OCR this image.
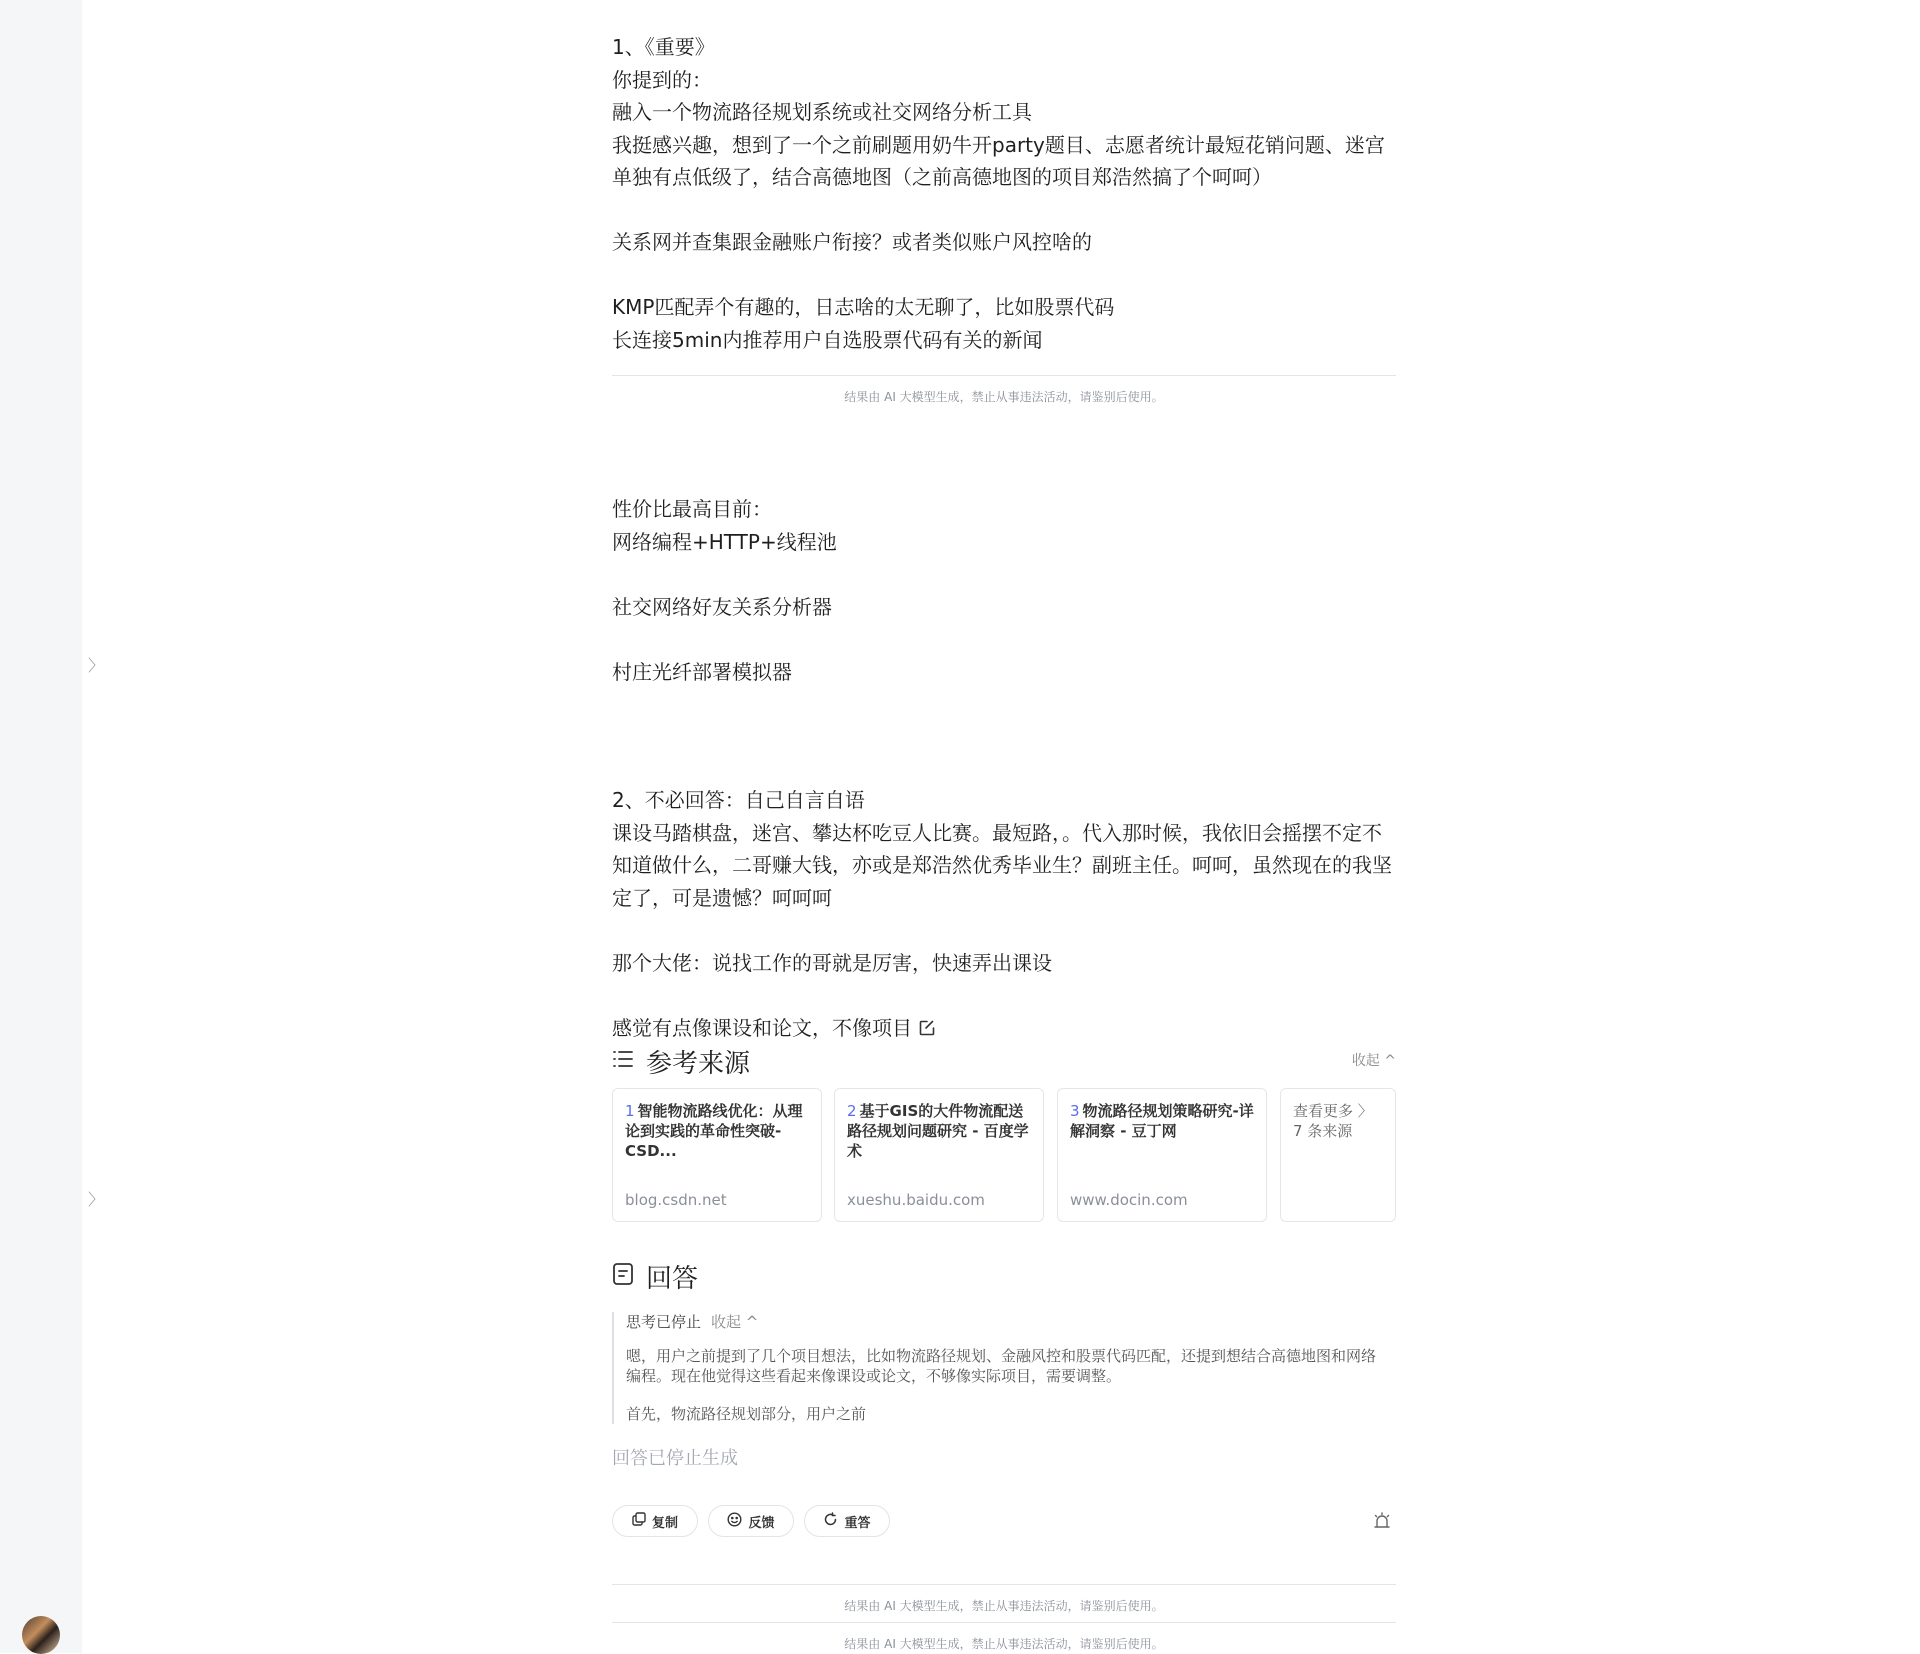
〉
〉

1、《重要》
你提到的：
融入一个物流路径规划系统或社交网络分析工具
我挺感兴趣，想到了一个之前刷题用奶牛开party题目、志愿者统计最短花销问题、迷宫单独有点低级了，结合高德地图（之前高德地图的项目郑浩然搞了个呵呵）

关系网并查集跟金融账户衔接？或者类似账户风控啥的

KMP匹配弄个有趣的，日志啥的太无聊了，比如股票代码
长连接5min内推荐用户自选股票代码有关的新闻

结果由 AI 大模型生成，禁止从事违法活动，请鉴别后使用。

性价比最高目前：
网络编程+HTTP+线程池

社交网络好友关系分析器

村庄光纤部署模拟器

2、不必回答：自己自言自语
课设马踏棋盘，迷宫、攀达杯吃豆人比赛。最短路，。代入那时候，我依旧会摇摆不定不知道做什么，二哥赚大钱，亦或是郑浩然优秀毕业生？副班主任。呵呵，虽然现在的我坚定了，可是遗憾？呵呵呵

那个大佬：说找工作的哥就是厉害，快速弄出课设

感觉有点像课设和论文，不像项目
参考来源	收起 ^
1 智能物流路线优化：从理论到实践的革命性突破-CSD...
blog.csdn.net
2 基于GIS的大件物流配送路径规划问题研究 - 百度学术
xueshu.baidu.com
3 物流路径规划策略研究-详解洞察 - 豆丁网
www.docin.com
查看更多 〉
7 条来源
回答
思考已停止 收起 ^

嗯，用户之前提到了几个项目想法，比如物流路径规划、金融风控和股票代码匹配，还提到想结合高德地图和网络编程。现在他觉得这些看起来像课设或论文，不够像实际项目，需要调整。

首先，物流路径规划部分，用户之前

回答已停止生成
复制	反馈	重答
结果由 AI 大模型生成，禁止从事违法活动，请鉴别后使用。
结果由 AI 大模型生成，禁止从事违法活动，请鉴别后使用。
